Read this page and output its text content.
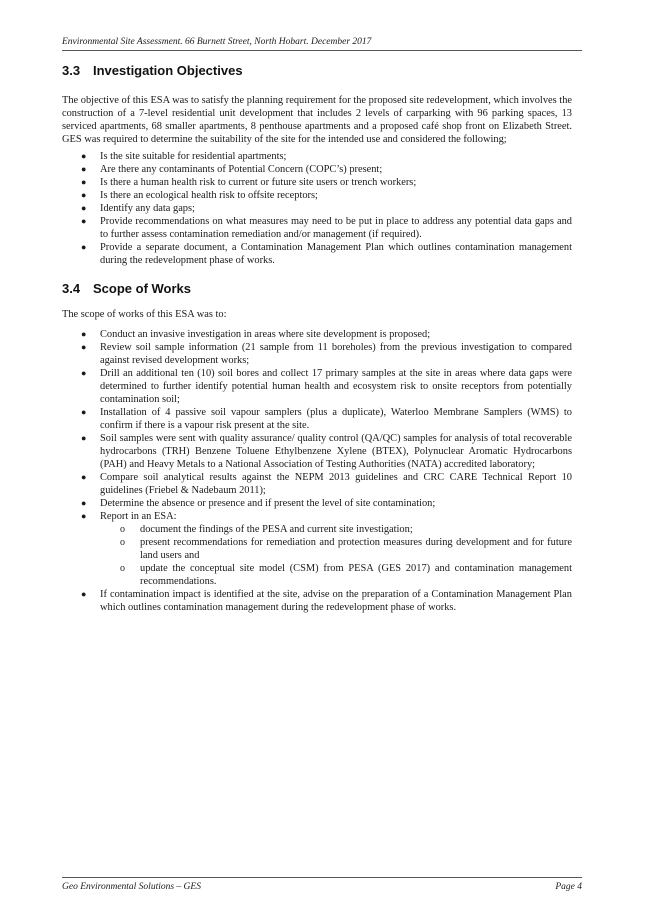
Environmental Site Assessment. 66 Burnett Street, North Hobart. December 2017
3.3 Investigation Objectives

The objective of this ESA was to satisfy the planning requirement for the proposed site redevelopment, which involves the construction of a 7-level residential unit development that includes 2 levels of carparking with 96 parking spaces, 13 serviced apartments, 68 smaller apartments, 8 penthouse apartments and a proposed café shop front on Elizabeth Street. GES was required to determine the suitability of the site for the intended use and considered the following;

● Is the site suitable for residential apartments;
● Are there any contaminants of Potential Concern (COPC’s) present;
● Is there a human health risk to current or future site users or trench workers;
● Is there an ecological health risk to offsite receptors;
● Identify any data gaps;
● Provide recommendations on what measures may need to be put in place to address any potential data gaps and to further assess contamination remediation and/or management (if required).
● Provide a separate document, a Contamination Management Plan which outlines contamination management during the redevelopment phase of works.
3.4 Scope of Works

The scope of works of this ESA was to:

● Conduct an invasive investigation in areas where site development is proposed;
● Review soil sample information (21 sample from 11 boreholes) from the previous investigation to compared against revised development works;
● Drill an additional ten (10) soil bores and collect 17 primary samples at the site in areas where data gaps were determined to further identify potential human health and ecosystem risk to onsite receptors from potentially contamination soil;
● Installation of 4 passive soil vapour samplers (plus a duplicate), Waterloo Membrane Samplers (WMS) to confirm if there is a vapour risk present at the site.
● Soil samples were sent with quality assurance/ quality control (QA/QC) samples for analysis of total recoverable hydrocarbons (TRH) Benzene Toluene Ethylbenzene Xylene (BTEX), Polynuclear Aromatic Hydrocarbons (PAH) and Heavy Metals to a National Association of Testing Authorities (NATA) accredited laboratory;
● Compare soil analytical results against the NEPM 2013 guidelines and CRC CARE Technical Report 10 guidelines (Friebel & Nadebaum 2011);
● Determine the absence or presence and if present the level of site contamination;
● Report in an ESA:
o document the findings of the PESA and current site investigation;
o present recommendations for remediation and protection measures during development and for future land users and
o update the conceptual site model (CSM) from PESA (GES 2017) and contamination management recommendations.
● If contamination impact is identified at the site, advise on the preparation of a Contamination Management Plan which outlines contamination management during the redevelopment phase of works.
Geo Environmental Solutions – GES	Page 4
